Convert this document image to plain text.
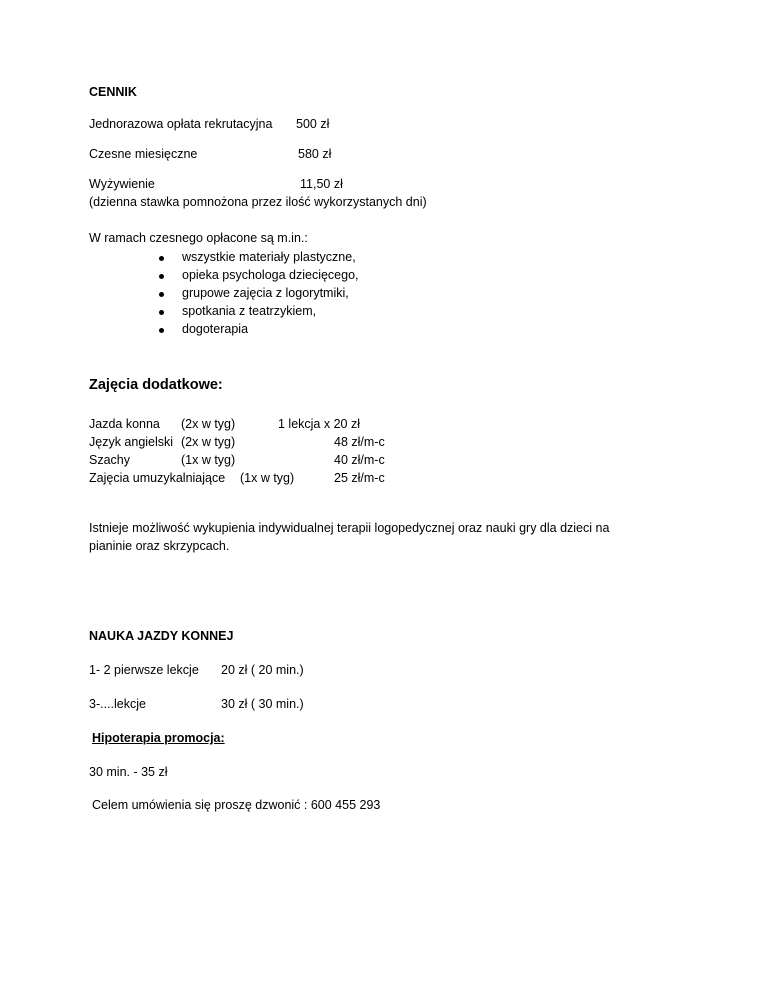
CENNIK
Jednorazowa opłata rekrutacyjna 500 zł
Czesne miesięczne	580 zł
Wyżywienie	11,50 zł
(dzienna stawka pomnożona przez ilość wykorzystanych dni)
W ramach czesnego opłacone są m.in.:
wszystkie materiały plastyczne,
opieka psychologa dziecięcego,
grupowe zajęcia z logorytmiki,
spotkania z teatrzykiem,
dogoterapia
Zajęcia dodatkowe:
Jazda konna (2x w tyg)	1 lekcja x 20 zł
Język angielski (2x w tyg)	48 zł/m-c
Szachy	(1x w tyg)	40 zł/m-c
Zajęcia umuzykalniające (1x w tyg)	25 zł/m-c
Istnieje możliwość wykupienia indywidualnej terapii logopedycznej oraz nauki gry dla dzieci na
pianinie oraz skrzypcach.
NAUKA JAZDY KONNEJ
1- 2 pierwsze lekcje 20 zł ( 20 min.)
3-....lekcje	30 zł ( 30 min.)
Hipoterapia promocja:
30 min. - 35 zł
Celem umówienia się proszę dzwonić : 600 455 293
